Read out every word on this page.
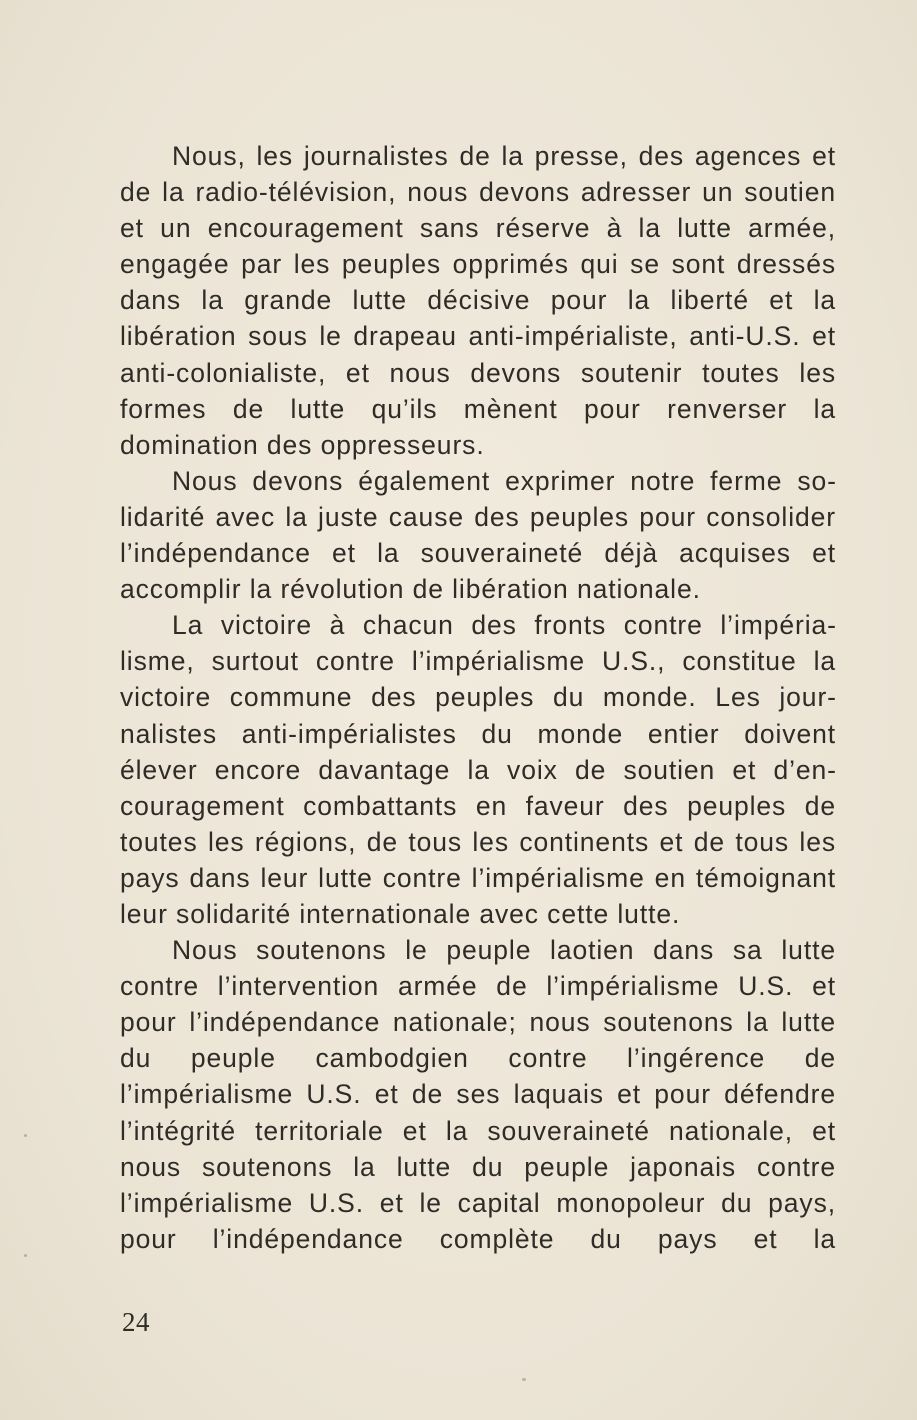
Nous, les journalistes de la presse, des agences et de la radio-télévision, nous devons adresser un soutien et un encouragement sans réserve à la lutte armée, engagée par les peuples opprimés qui se sont dressés dans la grande lutte décisive pour la liberté et la libération sous le drapeau anti-impérialiste, anti-U.S. et anti-colonialiste, et nous devons soutenir toutes les formes de lutte qu’ils mènent pour renverser la domination des oppresseurs.

Nous devons également exprimer notre ferme solidarité avec la juste cause des peuples pour consolider l’indépendance et la souveraineté déjà acquises et accomplir la révolution de libération nationale.

La victoire à chacun des fronts contre l’impérialisme, surtout contre l’impérialisme U.S., constitue la victoire commune des peuples du monde. Les journalistes anti-impérialistes du monde entier doivent élever encore davantage la voix de soutien et d’encouragement combattants en faveur des peuples de toutes les régions, de tous les continents et de tous les pays dans leur lutte contre l’impérialisme en témoignant leur solidarité internationale avec cette lutte.

Nous soutenons le peuple laotien dans sa lutte contre l’intervention armée de l’impérialisme U.S. et pour l’indépendance nationale; nous soutenons la lutte du peuple cambodgien contre l’ingérence de l’impérialisme U.S. et de ses laquais et pour défendre l’intégrité territoriale et la souveraineté nationale, et nous soutenons la lutte du peuple japonais contre l’impérialisme U.S. et le capital monopoleur du pays, pour l’indépendance complète du pays et la

24
